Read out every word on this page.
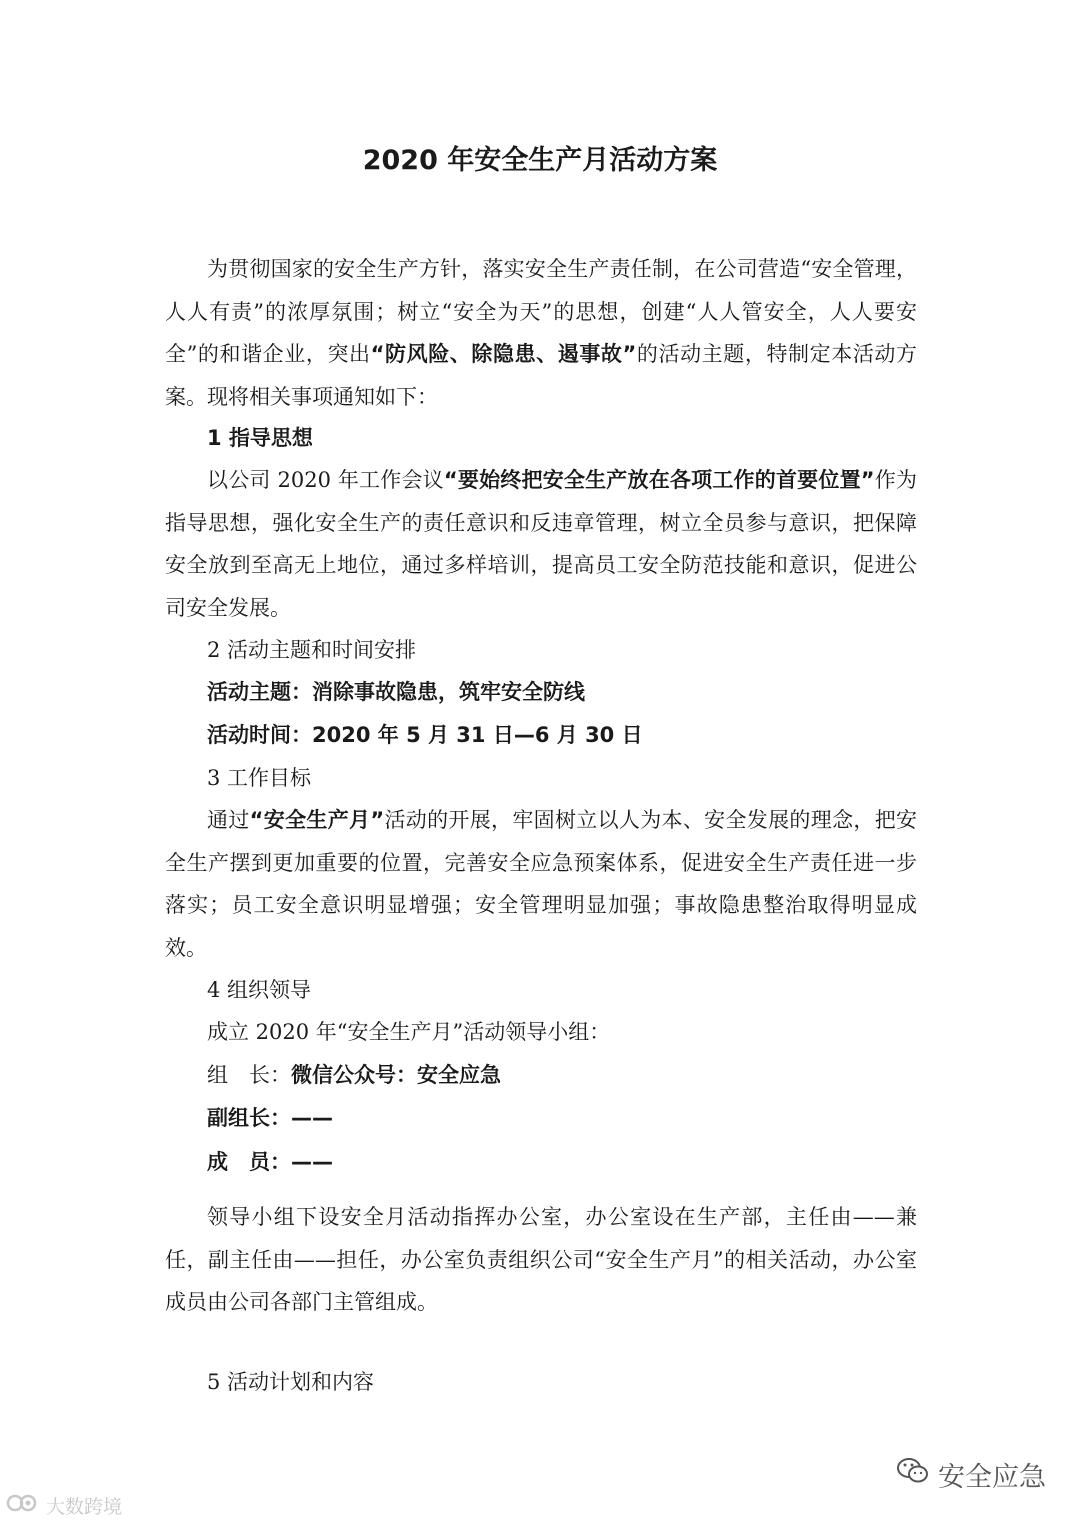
2020 年安全生产月活动方案

为贯彻国家的安全生产方针，落实安全生产责任制，在公司营造“安全管理，人人有责”的浓厚氛围；树立“安全为天”的思想，创建“人人管安全，人人要安全”的和谐企业，突出“防风险、除隐患、遏事故”的活动主题，特制定本活动方案。现将相关事项通知如下：

1 指导思想

以公司 2020 年工作会议“要始终把安全生产放在各项工作的首要位置”作为指导思想，强化安全生产的责任意识和反违章管理，树立全员参与意识，把保障安全放到至高无上地位，通过多样培训，提高员工安全防范技能和意识，促进公司安全发展。

2 活动主题和时间安排
活动主题：消除事故隐患，筑牢安全防线
活动时间：2020 年 5 月 31 日—6 月 30 日
3 工作目标

通过“安全生产月”活动的开展，牢固树立以人为本、安全发展的理念，把安全生产摆到更加重要的位置，完善安全应急预案体系，促进安全生产责任进一步落实；员工安全意识明显增强；安全管理明显加强；事故隐患整治取得明显成效。

4 组织领导
成立 2020 年“安全生产月”活动领导小组：
组　长：微信公众号：安全应急
副组长：——
成　员：——

领导小组下设安全月活动指挥办公室，办公室设在生产部，主任由——兼任，副主任由——担任，办公室负责组织公司“安全生产月”的相关活动，办公室成员由公司各部门主管组成。

5 活动计划和内容
大数跨境
安全应急
